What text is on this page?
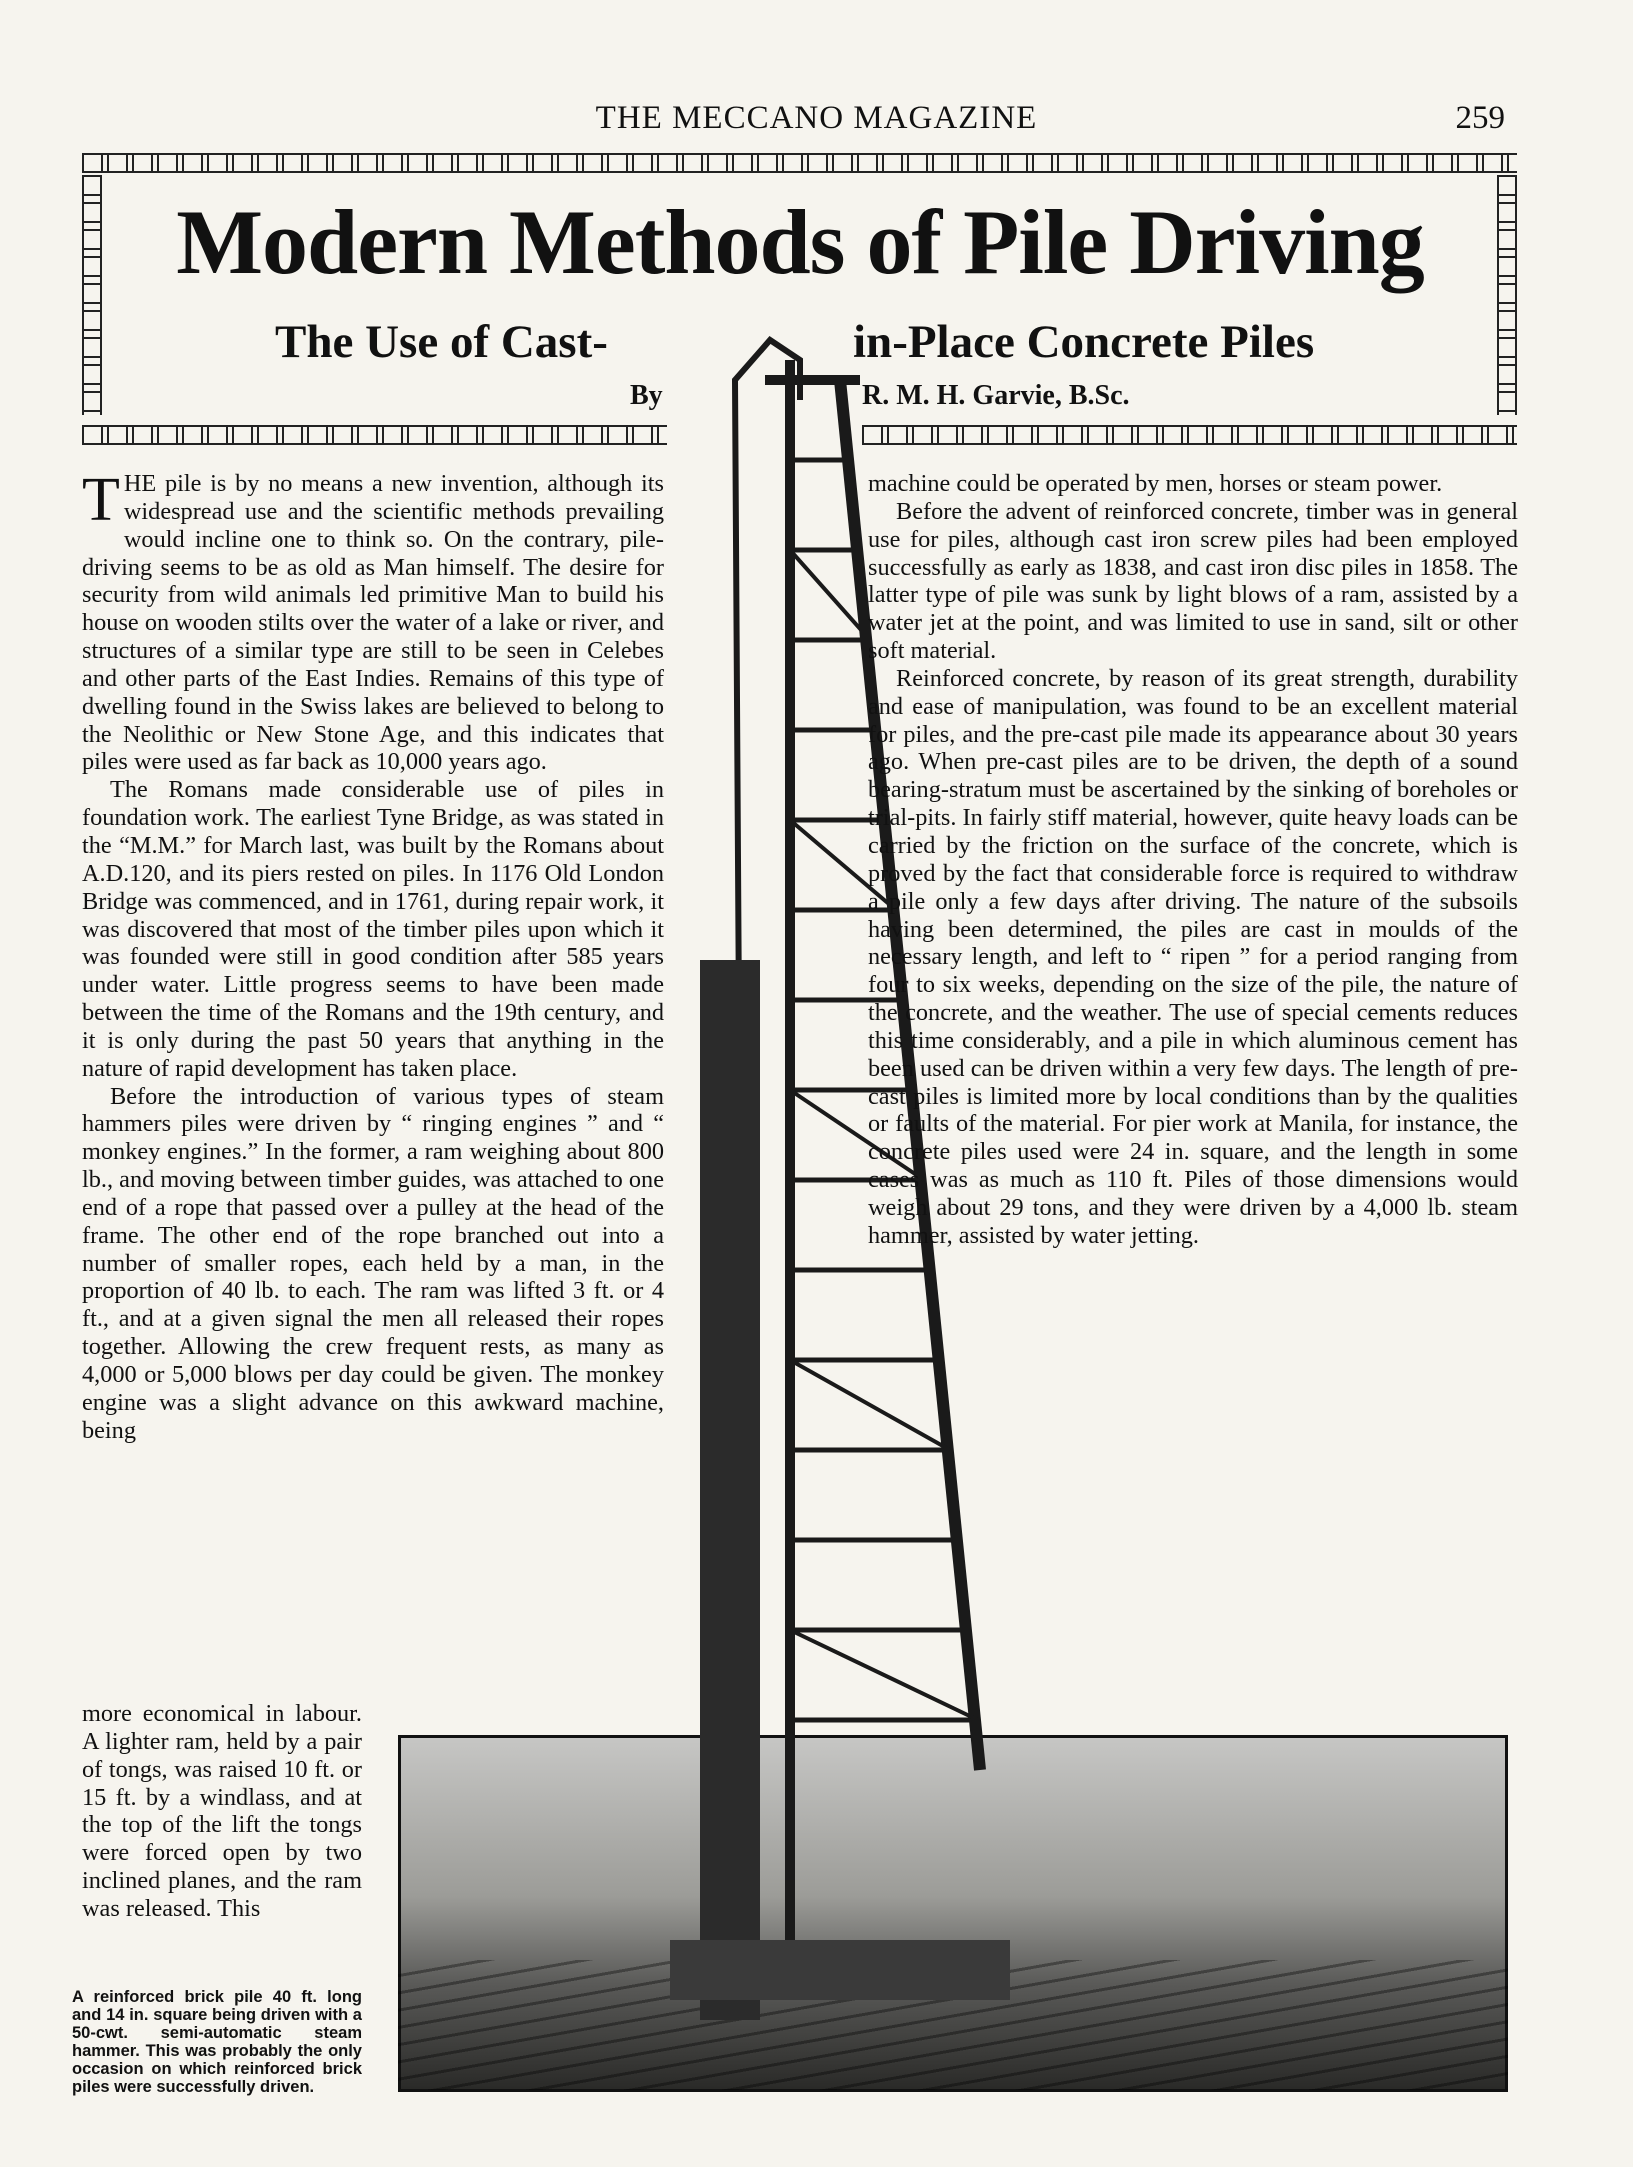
THE MECCANO MAGAZINE	259
Modern Methods of Pile Driving
The Use of Cast-	in-Place Concrete Piles
By	R. M. H. Garvie, B.Sc.

THE pile is by no means a new invention, although its widespread use and the scientific methods prevailing would incline one to think so. On the contrary, pile-driving seems to be as old as Man himself. The desire for security from wild animals led primitive Man to build his house on wooden stilts over the water of a lake or river, and structures of a similar type are still to be seen in Celebes and other parts of the East Indies. Remains of this type of dwelling found in the Swiss lakes are believed to belong to the Neolithic or New Stone Age, and this indicates that piles were used as far back as 10,000 years ago.

The Romans made considerable use of piles in foundation work. The earliest Tyne Bridge, as was stated in the “M.M.” for March last, was built by the Romans about A.D.120, and its piers rested on piles. In 1176 Old London Bridge was commenced, and in 1761, during repair work, it was discovered that most of the timber piles upon which it was founded were still in good condition after 585 years under water. Little progress seems to have been made between the time of the Romans and the 19th century, and it is only during the past 50 years that anything in the nature of rapid development has taken place.

Before the introduction of various types of steam hammers piles were driven by “ ringing engines ” and “ monkey engines.” In the former, a ram weighing about 800 lb., and moving between timber guides, was attached to one end of a rope that passed over a pulley at the head of the frame. The other end of the rope branched out into a number of smaller ropes, each held by a man, in the proportion of 40 lb. to each. The ram was lifted 3 ft. or 4 ft., and at a given signal the men all released their ropes together. Allowing the crew frequent rests, as many as 4,000 or 5,000 blows per day could be given. The monkey engine was a slight advance on this awkward machine, being

more economical in labour. A lighter ram, held by a pair of tongs, was raised 10 ft. or 15 ft. by a windlass, and at the top of the lift the tongs were forced open by two inclined planes, and the ram was released. This

machine could be operated by men, horses or steam power.

Before the advent of reinforced concrete, timber was in general use for piles, although cast iron screw piles had been employed successfully as early as 1838, and cast iron disc piles in 1858. The latter type of pile was sunk by light blows of a ram, assisted by a water jet at the point, and was limited to use in sand, silt or other soft material.

Reinforced concrete, by reason of its great strength, durability and ease of manipulation, was found to be an excellent material for piles, and the pre-cast pile made its appearance about 30 years ago. When pre-cast piles are to be driven, the depth of a sound bearing-stratum must be ascertained by the sinking of boreholes or trial-pits. In fairly stiff material, however, quite heavy loads can be carried by the friction on the surface of the concrete, which is proved by the fact that considerable force is required to withdraw a pile only a few days after driving. The nature of the subsoils having been determined, the piles are cast in moulds of the necessary length, and left to “ ripen ” for a period ranging from four to six weeks, depending on the size of the pile, the nature of the concrete, and the weather. The use of special cements reduces this time considerably, and a pile in which aluminous cement has been used can be driven within a very few days. The length of pre-cast piles is limited more by local conditions than by the qualities or faults of the material. For pier work at Manila, for instance, the concrete piles used were 24 in. square, and the length in some cases was as much as 110 ft. Piles of those dimensions would weigh about 29 tons, and they were driven by a 4,000 lb. steam hammer, assisted by water jetting.

A reinforced brick pile 40 ft. long and 14 in. square being driven with a 50-cwt. semi-automatic steam hammer. This was probably the only occasion on which reinforced brick piles were successfully driven.
